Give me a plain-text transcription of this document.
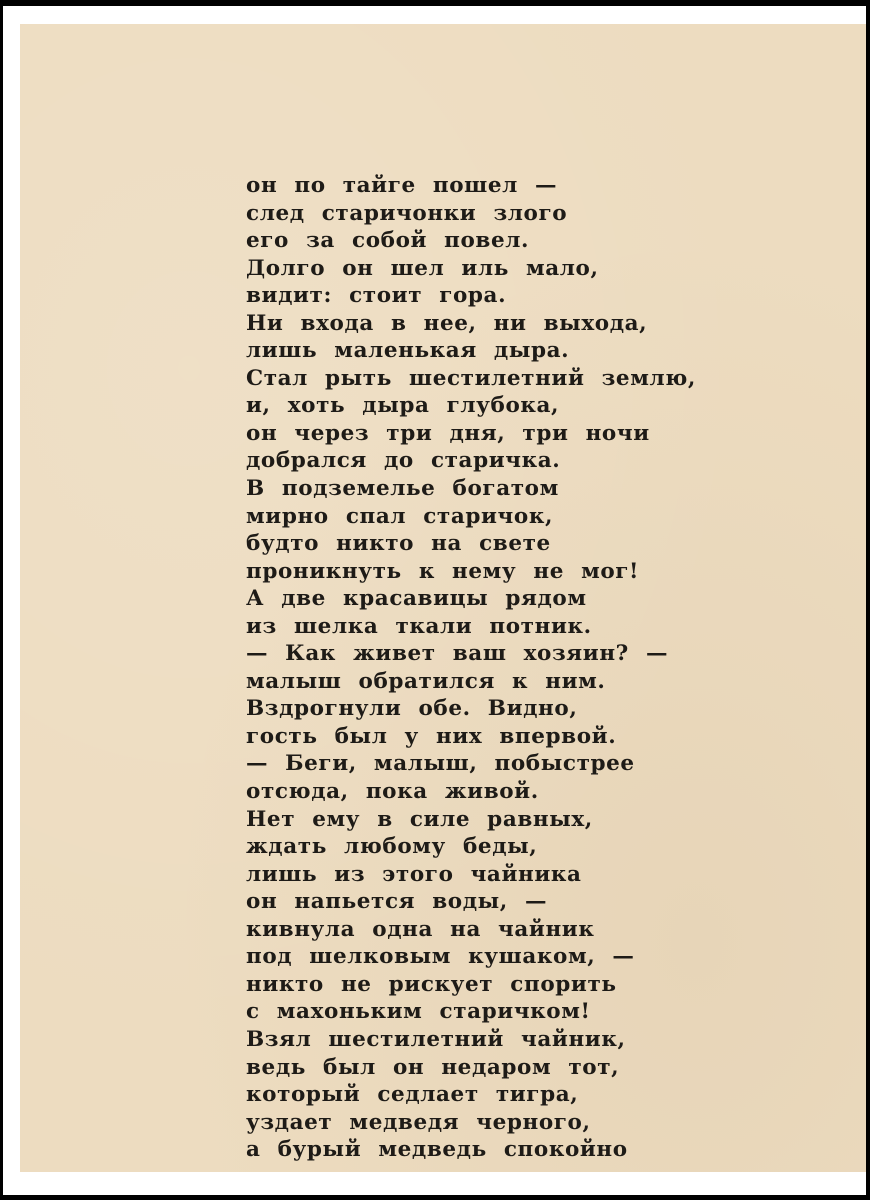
он по тайге пошел —
след старичонки злого
его за собой повел.
Долго он шел иль мало,
видит: стоит гора.
Ни входа в нее, ни выхода,
лишь маленькая дыра.
Стал рыть шестилетний землю,
и, хоть дыра глубока,
он через три дня, три ночи
добрался до старичка.
В подземелье богатом
мирно спал старичок,
будто никто на свете
проникнуть к нему не мог!
А две красавицы рядом
из шелка ткали потник.
— Как живет ваш хозяин? —
малыш обратился к ним.
Вздрогнули обе. Видно,
гость был у них впервой.
— Беги, малыш, побыстрее
отсюда, пока живой.
Нет ему в силе равных,
ждать любому беды,
лишь из этого чайника
он напьется воды, —
кивнула одна на чайник
под шелковым кушаком, —
никто не рискует спорить
с махоньким старичком!
Взял шестилетний чайник,
ведь был он недаром тот,
который седлает тигра,
уздает медведя черного,
а бурый медведь спокойно
